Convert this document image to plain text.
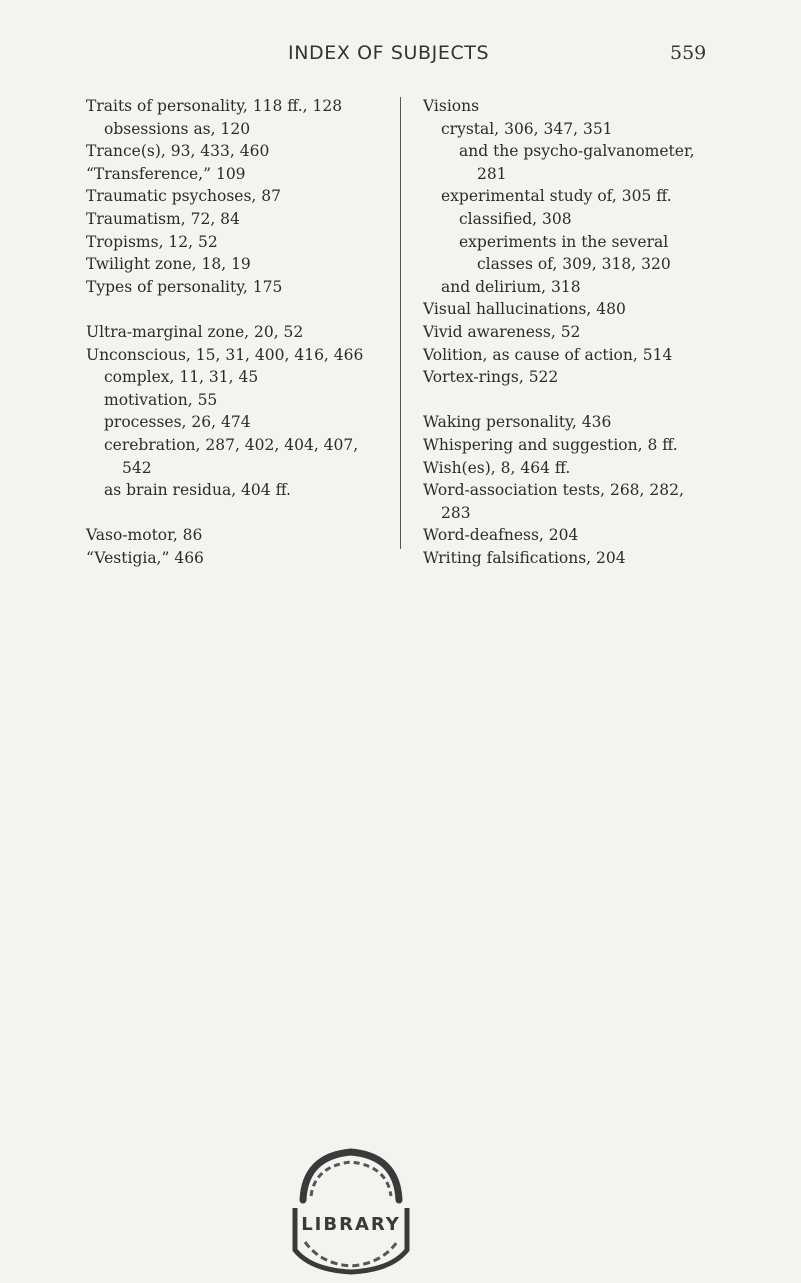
INDEX OF SUBJECTS	559

Traits of personality, 118 ff., 128

obsessions as, 120

Trance(s), 93, 433, 460

“Transference,” 109

Traumatic psychoses, 87

Traumatism, 72, 84

Tropisms, 12, 52

Twilight zone, 18, 19

Types of personality, 175

Ultra-marginal zone, 20, 52

Unconscious, 15, 31, 400, 416, 466

complex, 11, 31, 45

motivation, 55

processes, 26, 474

cerebration, 287, 402, 404, 407,

542

as brain residua, 404 ff.

Vaso-motor, 86

“Vestigia,” 466

Visions

crystal, 306, 347, 351

and the psycho-galvanometer,

281

experimental study of, 305 ff.

classified, 308

experiments in the several

classes of, 309, 318, 320

and delirium, 318

Visual hallucinations, 480

Vivid awareness, 52

Volition, as cause of action, 514

Vortex-rings, 522

Waking personality, 436

Whispering and suggestion, 8 ff.

Wish(es), 8, 464 ff.

Word-association tests, 268, 282,

283

Word-deafness, 204

Writing falsifications, 204

LIBRARY
